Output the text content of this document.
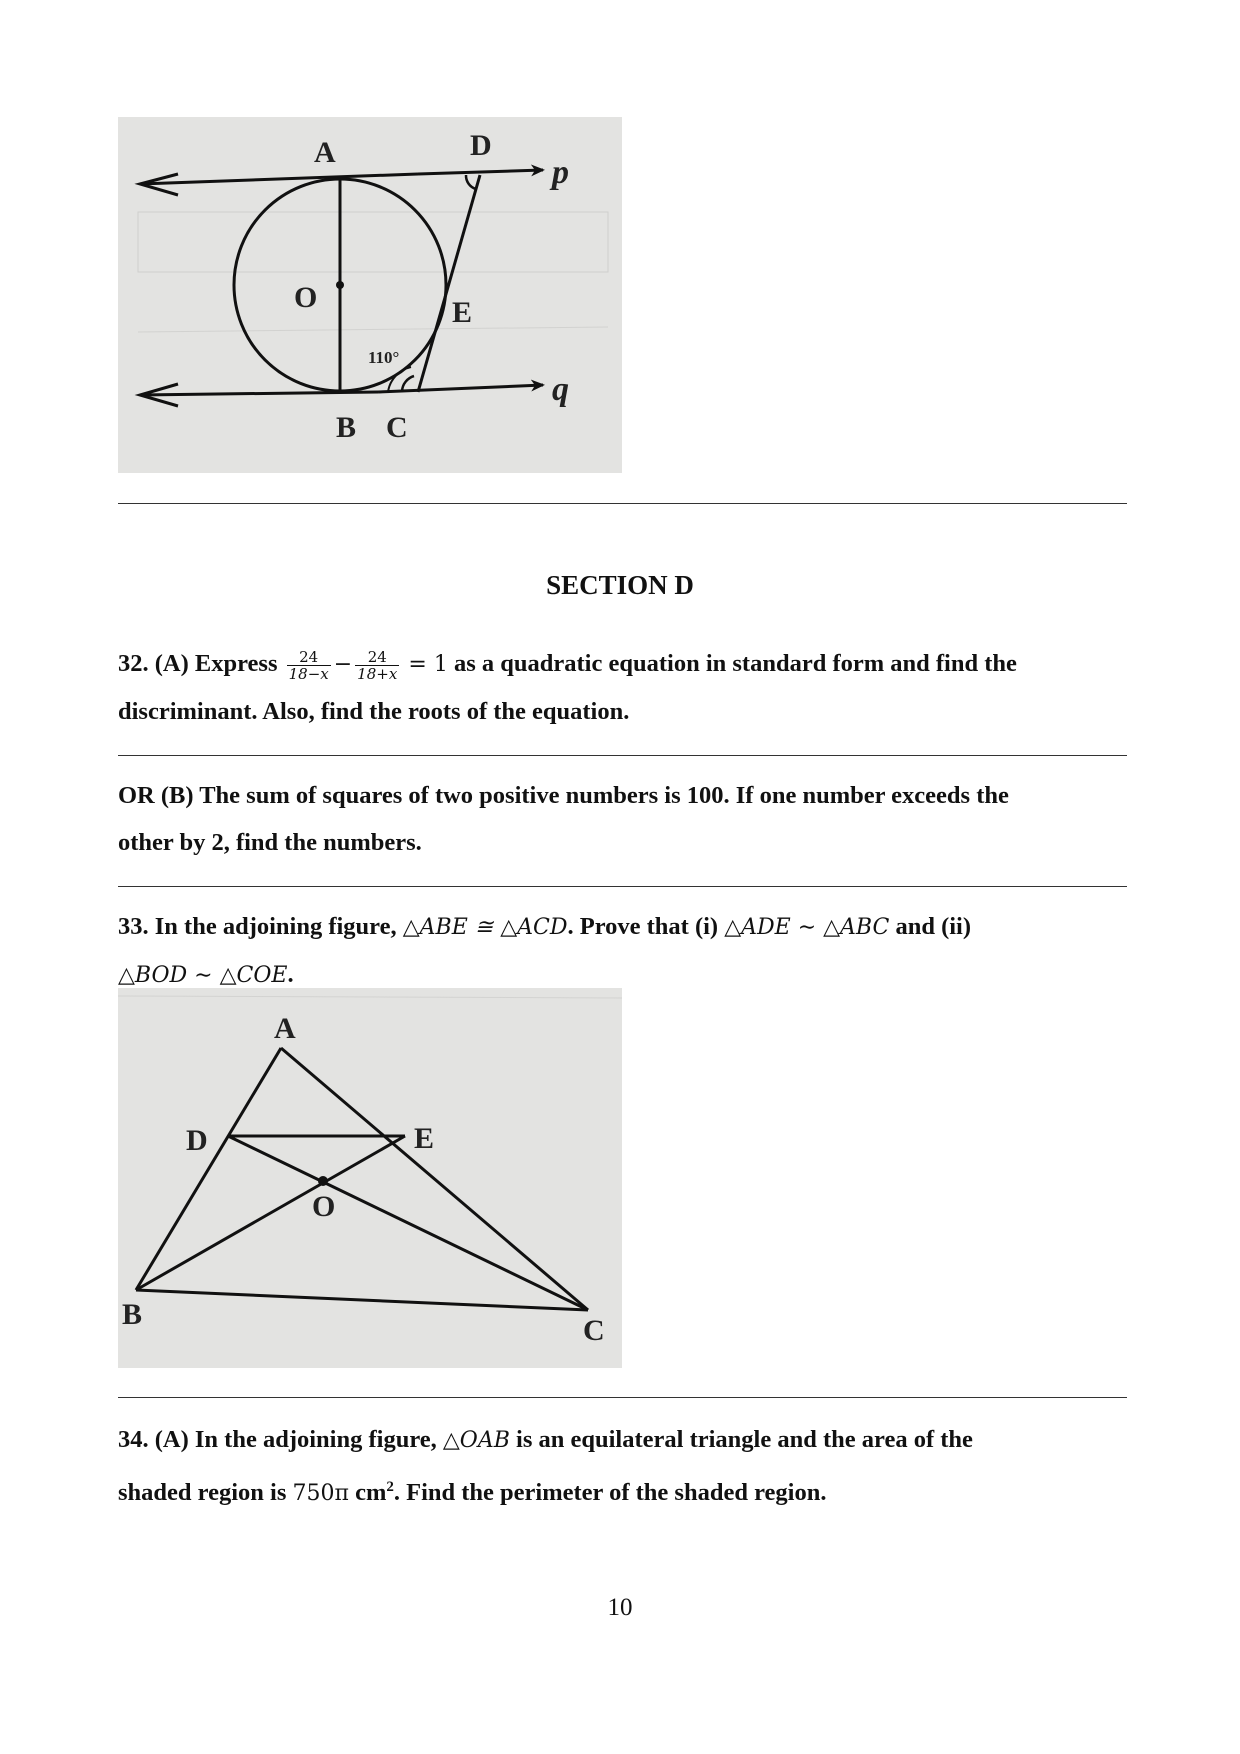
A	D
p
O	E
110°
q
B C
SECTION D
32. (A) Express $\frac{24}{18-x} - \frac{24}{18+x} = 1$ as a quadratic equation in standard form and find the
discriminant. Also, find the roots of the equation.
OR (B) The sum of squares of two positive numbers is 100. If one number exceeds the
other by 2, find the numbers.
33. In the adjoining figure, △ABE ≅ △ACD. Prove that (i) △ADE ∼ △ABC and (ii)
△BOD ∼ △COE.
A
D	E
O
B	C
34. (A) In the adjoining figure, △OAB is an equilateral triangle and the area of the
shaded region is 750π $cm^2$. Find the perimeter of the shaded region.
10
